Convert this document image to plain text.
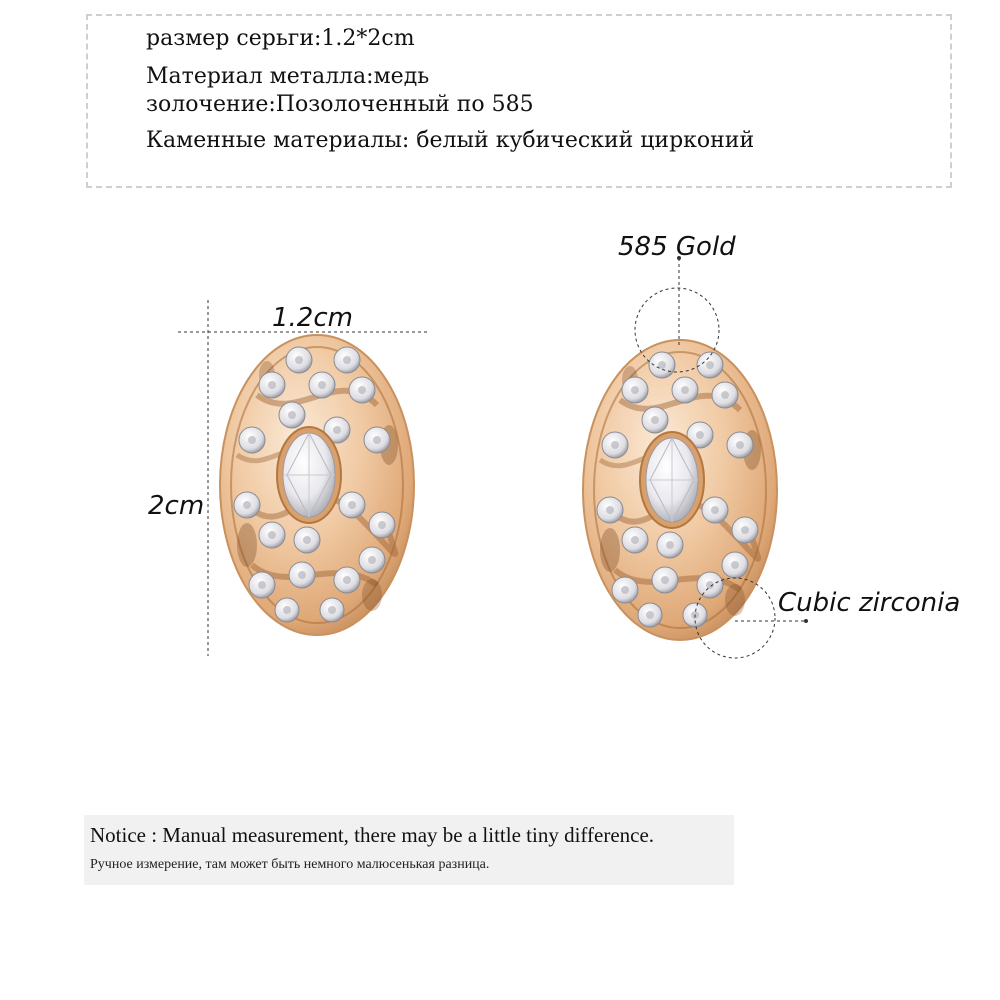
размер серьги:1.2*2cm
Материал металла:медь
золочение:Позолоченный по 585
Каменные материалы: белый кубический цирконий
1.2cm
2cm
585 Gold
Cubic zirconia
Notice : Manual measurement, there may be a little tiny difference.
Ручное измерение, там может быть немного малюсенькая разница.
